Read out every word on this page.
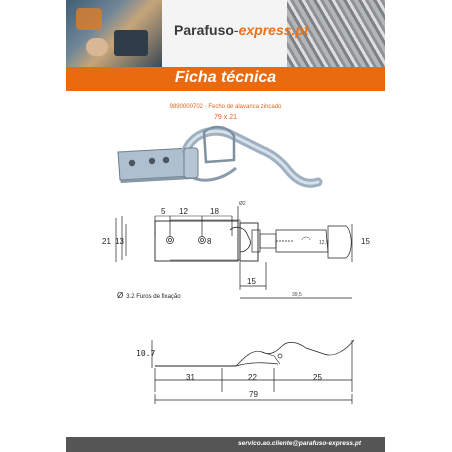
Parafuso-express.pt
Ficha técnica
9890000702 - Fecho de alavanca zincado
79 x 21
5 12	18
Ø2
21 13	8	12,9	15
15
39,5
10.7
31	22	25
79
Ø 3.2 Furos de fixação
servico.ao.cliente@parafuso-express.pt
